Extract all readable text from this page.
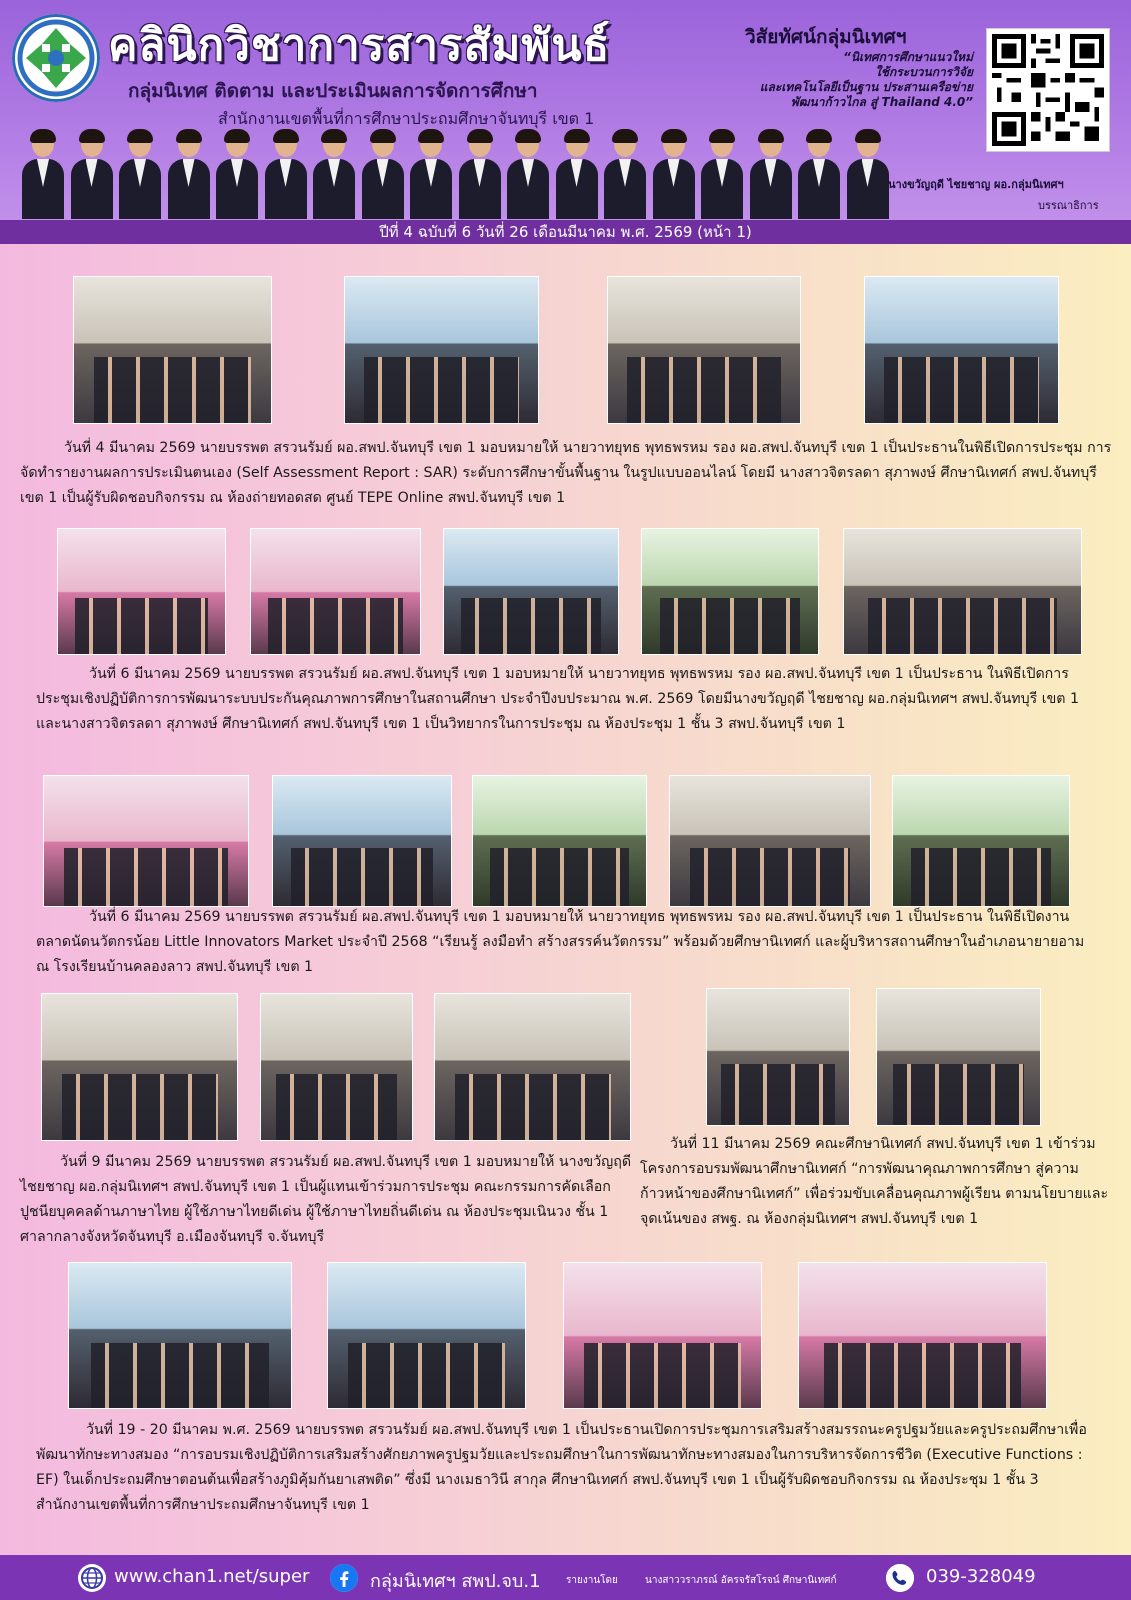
คลินิกวิชาการสารสัมพันธ์
กลุ่มนิเทศ ติดตาม และประเมินผลการจัดการศึกษา
สำนักงานเขตพื้นที่การศึกษาประถมศึกษาจันทบุรี เขต 1
วิสัยทัศน์กลุ่มนิเทศฯ
“นิเทศการศึกษาแนวใหม่
ใช้กระบวนการวิจัย
และเทคโนโลยีเป็นฐาน ประสานเครือข่าย
พัฒนาก้าวไกล สู่ Thailand 4.0”
นางขวัญฤดี ไชยชาญ ผอ.กลุ่มนิเทศฯ
บรรณาธิการ
ปีที่ 4 ฉบับที่ 6 วันที่ 26 เดือนมีนาคม พ.ศ. 2569 (หน้า 1)
วันที่ 4 มีนาคม 2569 นายบรรพต สรวนรัมย์ ผอ.สพป.จันทบุรี เขต 1 มอบหมายให้ นายวาทยุทธ พุทธพรหม รอง ผอ.สพป.จันทบุรี เขต 1 เป็นประธานในพิธีเปิดการประชุม การจัดทำรายงานผลการประเมินตนเอง (Self Assessment Report : SAR) ระดับการศึกษาขั้นพื้นฐาน ในรูปแบบออนไลน์ โดยมี นางสาวจิตรลดา สุภาพงษ์ ศึกษานิเทศก์ สพป.จันทบุรี เขต 1 เป็นผู้รับผิดชอบกิจกรรม ณ ห้องถ่ายทอดสด ศูนย์ TEPE Online สพป.จันทบุรี เขต 1
วันที่ 6 มีนาคม 2569 นายบรรพต สรวนรัมย์ ผอ.สพป.จันทบุรี เขต 1 มอบหมายให้ นายวาทยุทธ พุทธพรหม รอง ผอ.สพป.จันทบุรี เขต 1 เป็นประธาน ในพิธีเปิดการประชุมเชิงปฏิบัติการการพัฒนาระบบประกันคุณภาพการศึกษาในสถานศึกษา ประจำปีงบประมาณ พ.ศ. 2569 โดยมีนางขวัญฤดี ไชยชาญ ผอ.กลุ่มนิเทศฯ สพป.จันทบุรี เขต 1 และนางสาวจิตรลดา สุภาพงษ์ ศึกษานิเทศก์ สพป.จันทบุรี เขต 1 เป็นวิทยากรในการประชุม ณ ห้องประชุม 1 ชั้น 3 สพป.จันทบุรี เขต 1
วันที่ 6 มีนาคม 2569 นายบรรพต สรวนรัมย์ ผอ.สพป.จันทบุรี เขต 1 มอบหมายให้ นายวาทยุทธ พุทธพรหม รอง ผอ.สพป.จันทบุรี เขต 1 เป็นประธาน ในพิธีเปิดงานตลาดนัดนวัตกรน้อย Little Innovators Market ประจำปี 2568 “เรียนรู้ ลงมือทำ สร้างสรรค์นวัตกรรม” พร้อมด้วยศึกษานิเทศก์ และผู้บริหารสถานศึกษาในอำเภอนายายอาม ณ โรงเรียนบ้านคลองลาว สพป.จันทบุรี เขต 1
วันที่ 9 มีนาคม 2569 นายบรรพต สรวนรัมย์ ผอ.สพป.จันทบุรี เขต 1 มอบหมายให้ นางขวัญฤดี ไชยชาญ ผอ.กลุ่มนิเทศฯ สพป.จันทบุรี เขต 1 เป็นผู้แทนเข้าร่วมการประชุม คณะกรรมการคัดเลือกปูชนียบุคคลด้านภาษาไทย ผู้ใช้ภาษาไทยดีเด่น ผู้ใช้ภาษาไทยถิ่นดีเด่น ณ ห้องประชุมเนินวง ชั้น 1 ศาลากลางจังหวัดจันทบุรี อ.เมืองจันทบุรี จ.จันทบุรี
วันที่ 11 มีนาคม 2569 คณะศึกษานิเทศก์ สพป.จันทบุรี เขต 1 เข้าร่วม โครงการอบรมพัฒนาศึกษานิเทศก์ “การพัฒนาคุณภาพการศึกษา สู่ความก้าวหน้าของศึกษานิเทศก์” เพื่อร่วมขับเคลื่อนคุณภาพผู้เรียน ตามนโยบายและจุดเน้นของ สพฐ. ณ ห้องกลุ่มนิเทศฯ สพป.จันทบุรี เขต 1
วันที่ 19 - 20 มีนาคม พ.ศ. 2569 นายบรรพต สรวนรัมย์ ผอ.สพป.จันทบุรี เขต 1 เป็นประธานเปิดการประชุมการเสริมสร้างสมรรถนะครูปฐมวัยและครูประถมศึกษาเพื่อพัฒนาทักษะทางสมอง “การอบรมเชิงปฏิบัติการเสริมสร้างศักยภาพครูปฐมวัยและประถมศึกษาในการพัฒนาทักษะทางสมองในการบริหารจัดการชีวิต (Executive Functions : EF) ในเด็กประถมศึกษาตอนต้นเพื่อสร้างภูมิคุ้มกันยาเสพติด” ซึ่งมี นางเมธาวินี สากุล ศึกษานิเทศก์ สพป.จันทบุรี เขต 1 เป็นผู้รับผิดชอบกิจกรรม ณ ห้องประชุม 1 ชั้น 3 สำนักงานเขตพื้นที่การศึกษาประถมศึกษาจันทบุรี เขต 1
www.chan1.net/super	กลุ่มนิเทศฯ สพป.จบ.1	รายงานโดย	นางสาววราภรณ์ อัครจรัสโรจน์ ศึกษานิเทศก์	039-328049
